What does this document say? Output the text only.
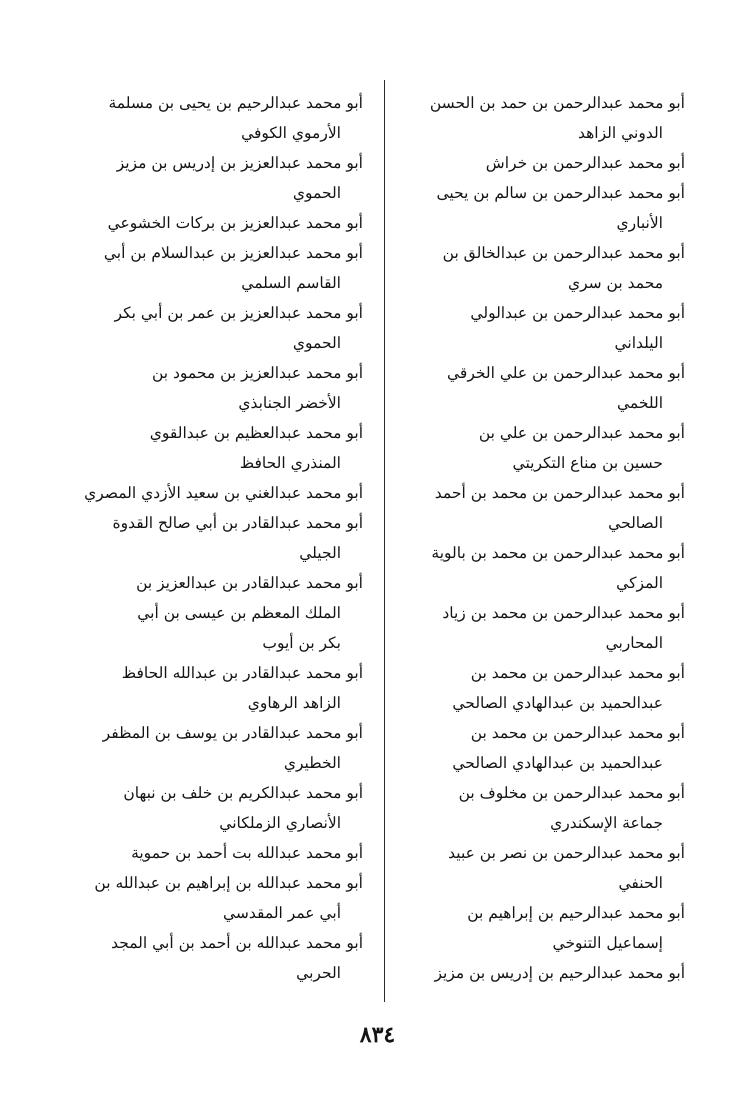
أبو محمد عبدالرحمن بن حمد بن الحسن
الدوني الزاهد
أبو محمد عبدالرحمن بن خراش
أبو محمد عبدالرحمن بن سالم بن يحيى
الأنباري
أبو محمد عبدالرحمن بن عبدالخالق بن
محمد بن سري
أبو محمد عبدالرحمن بن عبدالولي
اليلداني
أبو محمد عبدالرحمن بن علي الخرقي
اللخمي
أبو محمد عبدالرحمن بن علي بن
حسين بن مناع التكريتي
أبو محمد عبدالرحمن بن محمد بن أحمد
الصالحي
أبو محمد عبدالرحمن بن محمد بن بالوية
المزكي
أبو محمد عبدالرحمن بن محمد بن زياد
المحاربي
أبو محمد عبدالرحمن بن محمد بن
عبدالحميد بن عبدالهادي الصالحي
أبو محمد عبدالرحمن بن محمد بن
عبدالحميد بن عبدالهادي الصالحي
أبو محمد عبدالرحمن بن مخلوف بن
جماعة الإسكندري
أبو محمد عبدالرحمن بن نصر بن عبيد
الحنفي
أبو محمد عبدالرحيم بن إبراهيم بن
إسماعيل التنوخي
أبو محمد عبدالرحيم بن إدريس بن مزيز
أبو محمد عبدالرحيم بن يحيى بن مسلمة
الأرموي الكوفي
أبو محمد عبدالعزيز بن إدريس بن مزيز
الحموي
أبو محمد عبدالعزيز بن بركات الخشوعي
أبو محمد عبدالعزيز بن عبدالسلام بن أبي
القاسم السلمي
أبو محمد عبدالعزيز بن عمر بن أبي بكر
الحموي
أبو محمد عبدالعزيز بن محمود بن
الأخضر الجنابذي
أبو محمد عبدالعظيم بن عبدالقوي
المنذري الحافظ
أبو محمد عبدالغني بن سعيد الأزدي المصري
أبو محمد عبدالقادر بن أبي صالح القدوة
الجيلي
أبو محمد عبدالقادر بن عبدالعزيز بن
الملك المعظم بن عيسى بن أبي
بكر بن أيوب
أبو محمد عبدالقادر بن عبدالله الحافظ
الزاهد الرهاوي
أبو محمد عبدالقادر بن يوسف بن المظفر
الخطيري
أبو محمد عبدالكريم بن خلف بن نبهان
الأنصاري الزملكاني
أبو محمد عبدالله بت أحمد بن حموية
أبو محمد عبدالله بن إبراهيم بن عبدالله بن
أبي عمر المقدسي
أبو محمد عبدالله بن أحمد بن أبي المجد
الحربي
٨٣٤
